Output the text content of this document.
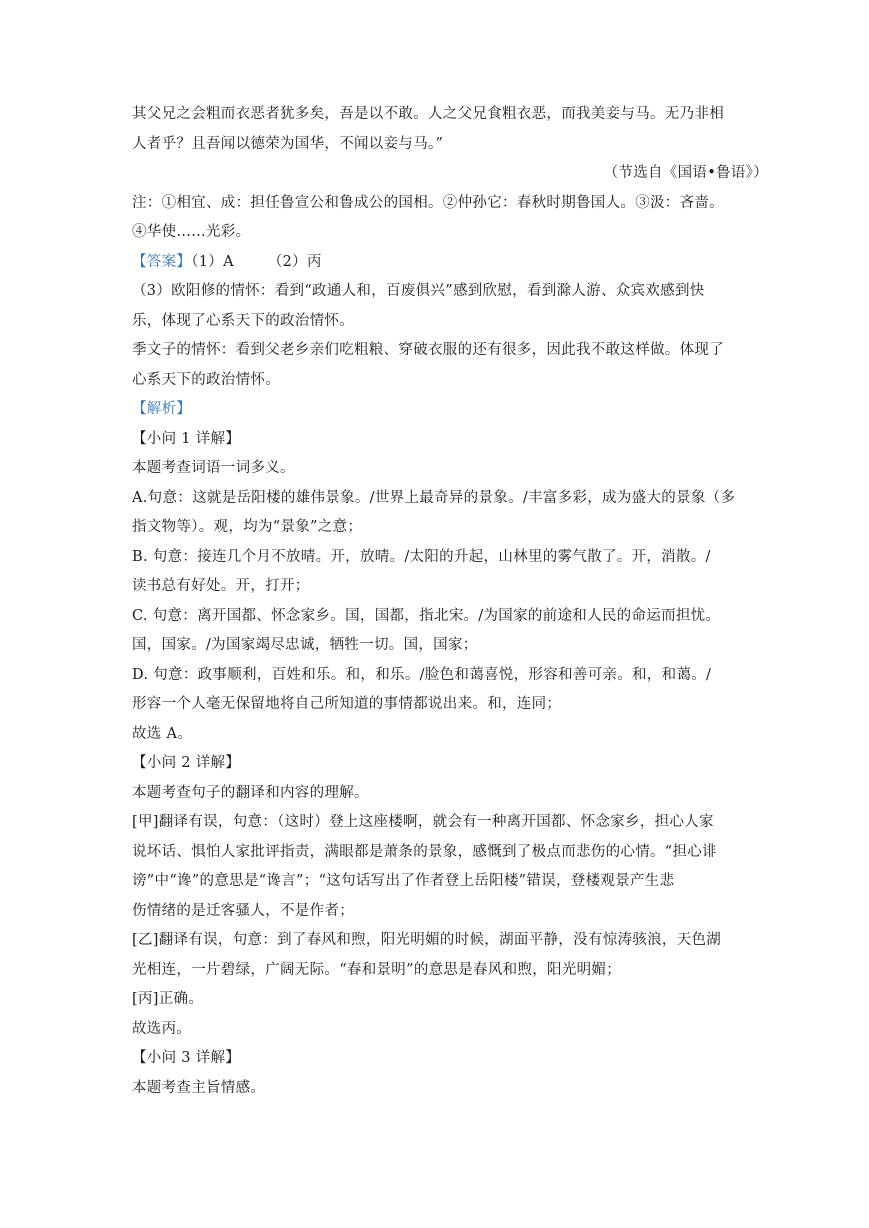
其父兄之会粗而衣恶者犹多矣，吾是以不敢。人之父兄食粗衣恶，而我美妾与马。无乃非相
人者乎？且吾闻以德荣为国华，不闻以妾与马。”
（节选自《国语•鲁语》）
注：①相宜、成：担任鲁宣公和鲁成公的国相。②仲孙它：春秋时期鲁国人。③汲：吝啬。
④华使……光彩。
【答案】（1）A （2）丙
（3）欧阳修的情怀：看到“政通人和，百废俱兴”感到欣慰，看到滁人游、众宾欢感到快
乐，体现了心系天下的政治情怀。
季文子的情怀：看到父老乡亲们吃粗粮、穿破衣服的还有很多，因此我不敢这样做。体现了
心系天下的政治情怀。
【解析】
【小问 1 详解】
本题考查词语一词多义。
A.句意：这就是岳阳楼的雄伟景象。/世界上最奇异的景象。/丰富多彩，成为盛大的景象（多
指文物等）。观，均为“景象”之意；
B. 句意：接连几个月不放晴。开，放晴。/太阳的升起，山林里的雾气散了。开，消散。/
读书总有好处。开，打开；
C. 句意：离开国都、怀念家乡。国，国都，指北宋。/为国家的前途和人民的命运而担忧。
国，国家。/为国家竭尽忠诚，牺牲一切。国，国家；
D. 句意：政事顺利，百姓和乐。和，和乐。/脸色和蔼喜悦，形容和善可亲。和，和蔼。/
形容一个人毫无保留地将自己所知道的事情都说出来。和，连同；
故选 A。
【小问 2 详解】
本题考查句子的翻译和内容的理解。
[甲]翻译有误，句意：（这时）登上这座楼啊，就会有一种离开国都、怀念家乡，担心人家
说坏话、惧怕人家批评指责，满眼都是萧条的景象，感慨到了极点而悲伤的心情。“担心诽
谤”中“谗”的意思是“谗言”；“这句话写出了作者登上岳阳楼”错误，登楼观景产生悲
伤情绪的是迁客骚人，不是作者；
[乙]翻译有误，句意：到了春风和煦，阳光明媚的时候，湖面平静，没有惊涛骇浪，天色湖
光相连，一片碧绿，广阔无际。“春和景明”的意思是春风和煦，阳光明媚；
[丙]正确。
故选丙。
【小问 3 详解】
本题考查主旨情感。
